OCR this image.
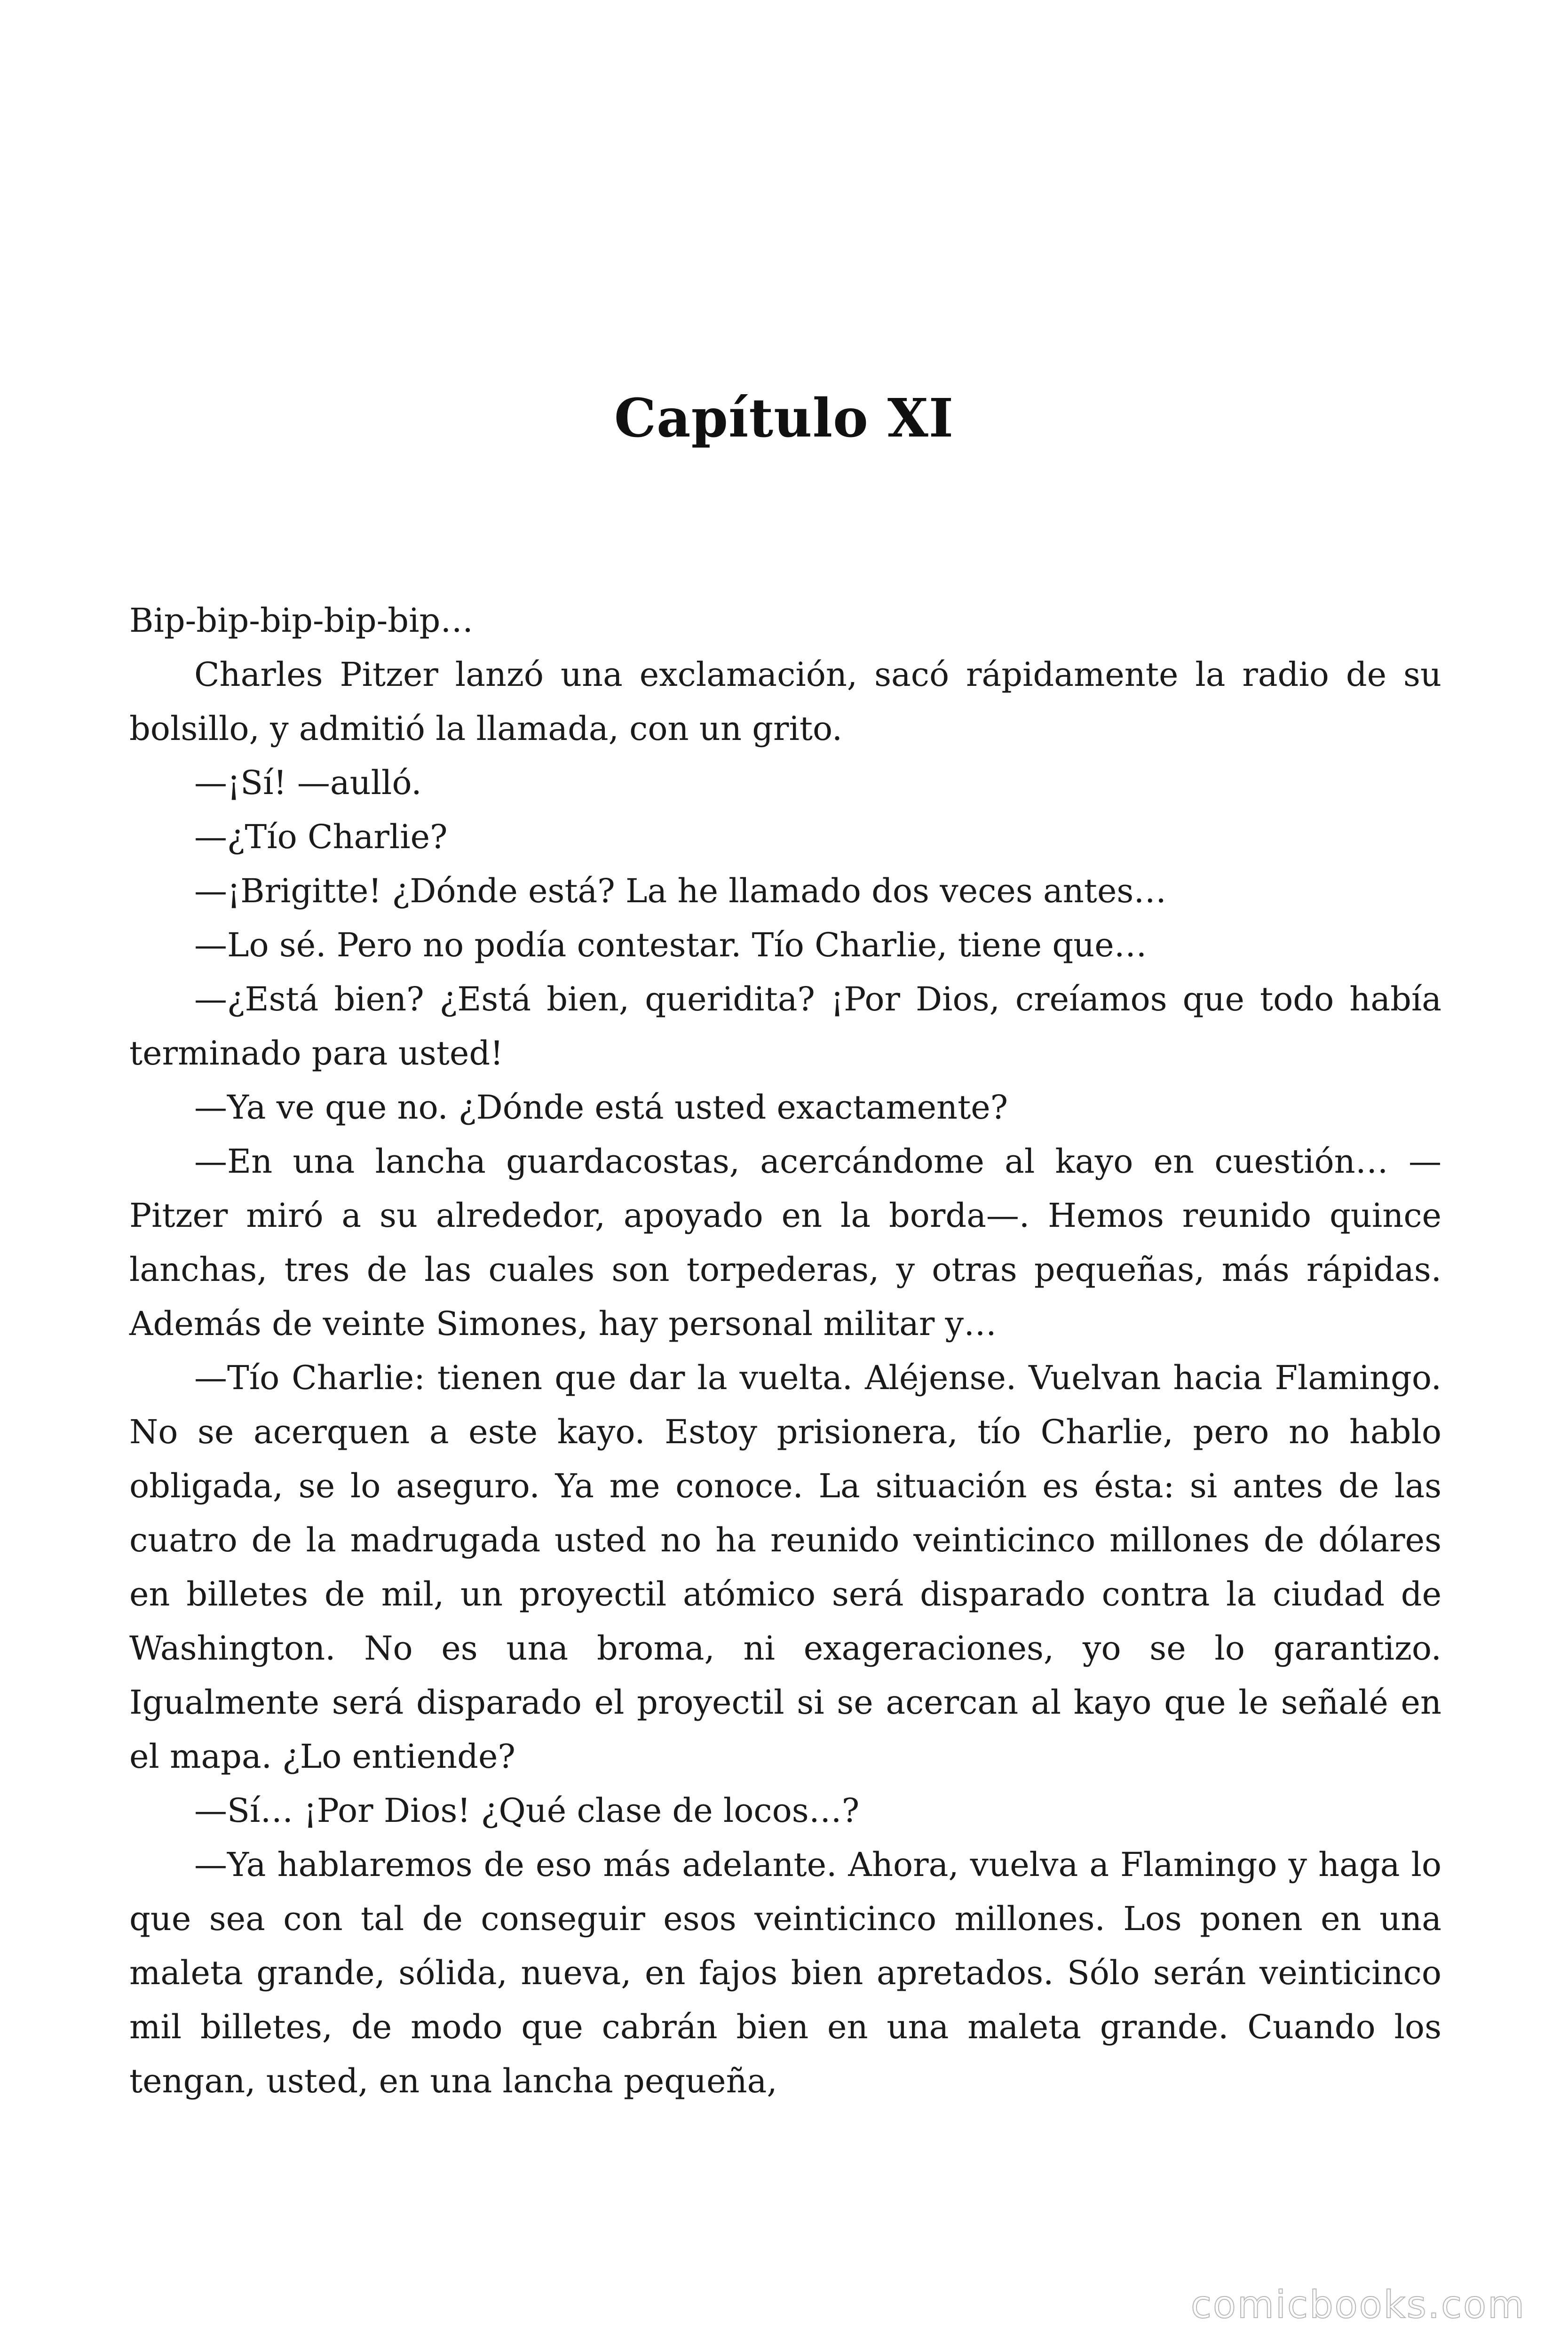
Capítulo XI

Bip-bip-bip-bip-bip…

Charles Pitzer lanzó una exclamación, sacó rápidamente la radio de su bolsillo, y admitió la llamada, con un grito.

—¡Sí! —aulló.

—¿Tío Charlie?

—¡Brigitte! ¿Dónde está? La he llamado dos veces antes…

—Lo sé. Pero no podía contestar. Tío Charlie, tiene que…

—¿Está bien? ¿Está bien, queridita? ¡Por Dios, creíamos que todo había terminado para usted!

—Ya ve que no. ¿Dónde está usted exactamente?

—En una lancha guardacostas, acercándome al kayo en cuestión… —Pitzer miró a su alrededor, apoyado en la borda—. Hemos reunido quince lanchas, tres de las cuales son torpederas, y otras pequeñas, más rápidas. Además de veinte Simones, hay personal militar y…

—Tío Charlie: tienen que dar la vuelta. Aléjense. Vuelvan hacia Flamingo. No se acerquen a este kayo. Estoy prisionera, tío Charlie, pero no hablo obligada, se lo aseguro. Ya me conoce. La situación es ésta: si antes de las cuatro de la madrugada usted no ha reunido veinticinco millones de dólares en billetes de mil, un proyectil atómico será disparado contra la ciudad de Washington. No es una broma, ni exageraciones, yo se lo garantizo. Igualmente será disparado el proyectil si se acercan al kayo que le señalé en el mapa. ¿Lo entiende?

—Sí… ¡Por Dios! ¿Qué clase de locos…?

—Ya hablaremos de eso más adelante. Ahora, vuelva a Flamingo y haga lo que sea con tal de conseguir esos veinticinco millones. Los ponen en una maleta grande, sólida, nueva, en fajos bien apretados. Sólo serán veinticinco mil billetes, de modo que cabrán bien en una maleta grande. Cuando los tengan, usted, en una lancha pequeña,

comicbooks.com
